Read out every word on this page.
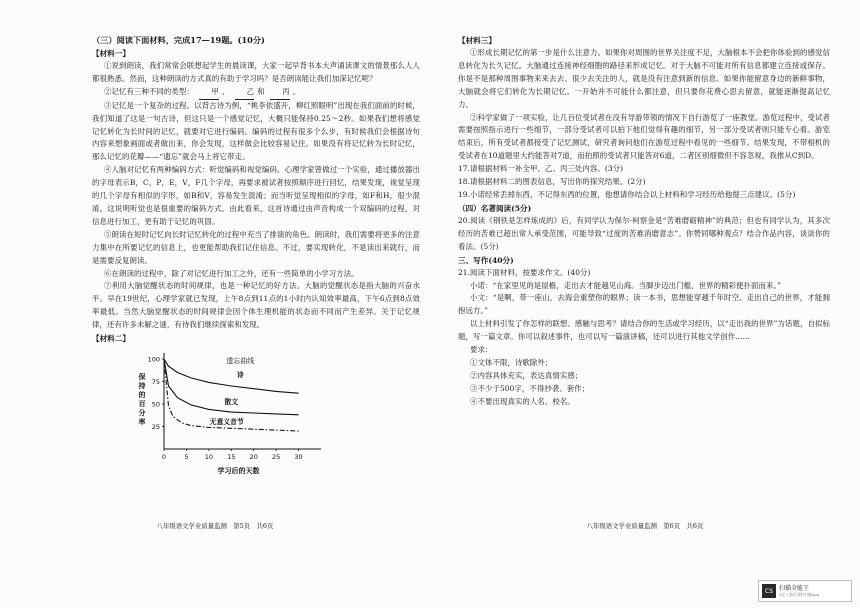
（三）阅读下面材料，完成17—19题。(10分)

【材料一】

①说到朗读，我们常常会联想起学生的晨读课，大家一起早背书本大声诵读课文的情景那么人人都很熟悉。然而，这种朗读的方式真的有助于学习吗？是否朗读能让我们加深记忆呢？

②记忆有三种不同的类型： 甲 、 乙 和 丙 。

③记忆是一个复杂的过程。以背古诗为例，“桃李依盛开，柳红照眼明”出现在我们面前的时候，我们知道了这是一句古诗，但这只是一个感觉记忆，大概只能保持0.25～2秒。如果我们想将感觉记忆转化为长时间的记忆，就要对它进行编码。编码的过程有很多个么步，有时候我们会根据诗句内容来想象画面或者做出来，你会发现，这样做会比较容易记住。如果没有将记忆转为长时记忆，那么记忆的花瓣——“遗忘”就会马上将它带走。

④人脑对记忆有两种编码方式：听觉编码和视觉编码。心理学家曾做过一个实验，通过播放器出的字母表示B，C，P，E，V，F几个字母，再要求被试者按照顺序进行回忆，结果发现，视觉呈现的几个字母有相似的字形，如B和V，容易发生混淆；而当听觉呈现相似的字母，如F和H，很少混淆。这说明听觉也是很重要的编码方式。由此看来，这首诗通过由声音构成一个双编码的过程，对信息进行加工，更有助于记忆的巩固。

⑤朗读在短时记忆向长时记忆转化的过程中充当了排演的角色。朗读时，我们需要将更多的注意力集中在所要记忆的信息上，也更能帮助我们记住信息。不过，要实现转化，不是读出来就行，而是需要反复朗读。

⑥在朗读的过程中，除了对记忆进行加工之外，还有一些简单的小学习方法。

⑦利用大脑觉醒状态的时间规律，也是一种记忆的好方法。大脑的觉醒状态是指大脑的兴奋水平。早在19世纪，心理学家就已发现，上午8点到11点的1小时内认知效率最高，下午6点到8点效率最低。当然大脑觉醒状态的时间规律会因个体生理机能的状态而不同而产生差异。关于记忆规律，还有许多未解之谜，有待我们继续探索和发现。

【材料二】

25
50
75
100
0	5 10 15 20 25 30
保
持
的
百
分
率
学习后的天数
遗忘曲线
诗
散文
无意义音节
八年级语文学业质量监测　第5页　共6页

【材料三】

①形成长期记忆的第一步是什么注意力。如果你对周围的世界关注度不足，大脑根本不会把你体验到的感觉信息转化为长久记忆。大脑通过连接神经细胞的路径来形成记忆。对于大脑不可能对所有信息都建立连接或保存。你是不是那种周围事物来来去去、很少去关注的人，就是没有注意到新的信息。如果你能留意身边的新鲜事物，大脑就会将它们转化为长期记忆。一开始并不可能什么都注意，但只要你花费心思去留意，就能逐渐提高记忆力。

②科学家做了一项实验，让几百位受试者在没有导游带领的情况下自行游览了一座教堂。游览过程中，受试者需要按照指示进行一些细节，一部分受试者可以拍下他们觉得有趣的细节，另一部分受试者则只能专心看。游览结束后，所有受试者都接受了记忆测试，研究者询问他们在游览过程中看见的一些细节。结果发现，不带相机的受试者在10道题里大约能答对7道，而拍照的受试者只能答对6道，二者区别细微但不容忽视，我推从C到D。

17.请根据材料一补全甲、乙、丙三处内容。(3分)

18.请根据材料二的图表信息，写出你的探究结果。(2分)

19.小诺经常丢掉东西，不记得东西的位置，他想请你结合以上材料和学习经历给他提三点建议。(5分)

（四）名著阅读(5分)

20.阅读《钢铁是怎样炼成的》后，有同学认为保尔·柯察金是“苦难磨砺精神”的典范；但也有同学认为，其多次经历的苦难已超出常人承受范围，可能导致“过度的苦难消磨意志”。你赞同哪种观点？结合作品内容，谈谈你的看法。(5分)

三、写作(40分)

21.阅读下面材料，按要求作文。(40分)

小诺：“在家里见的是屋檐，走出去才能越见山海。当脚步迈出门槛，世界的精彩便扑面而来。”

小文：“是啊，带一座山，去海会重塑你的眼界；读一本书，思想能穿越千年时空。走出自己的世界，才能拥抱远方。”

以上材料引发了你怎样的联想、感触与思考？请结合你的生活或学习经历，以“走出我的世界”为话题，自拟标题，写一篇文章。你可以叙述事件，也可以写一篇演讲稿，还可以进行其他文学创作……

要求：

①文体不限，诗歌除外；

②内容具体充实，表达真情实感；

③不少于500字，不得抄袭、套作；

④不要出现真实的人名、校名。

八年级语文学业质量监测　第6页　共6页
CS	扫描全能王
3亿人都在用的扫描App
